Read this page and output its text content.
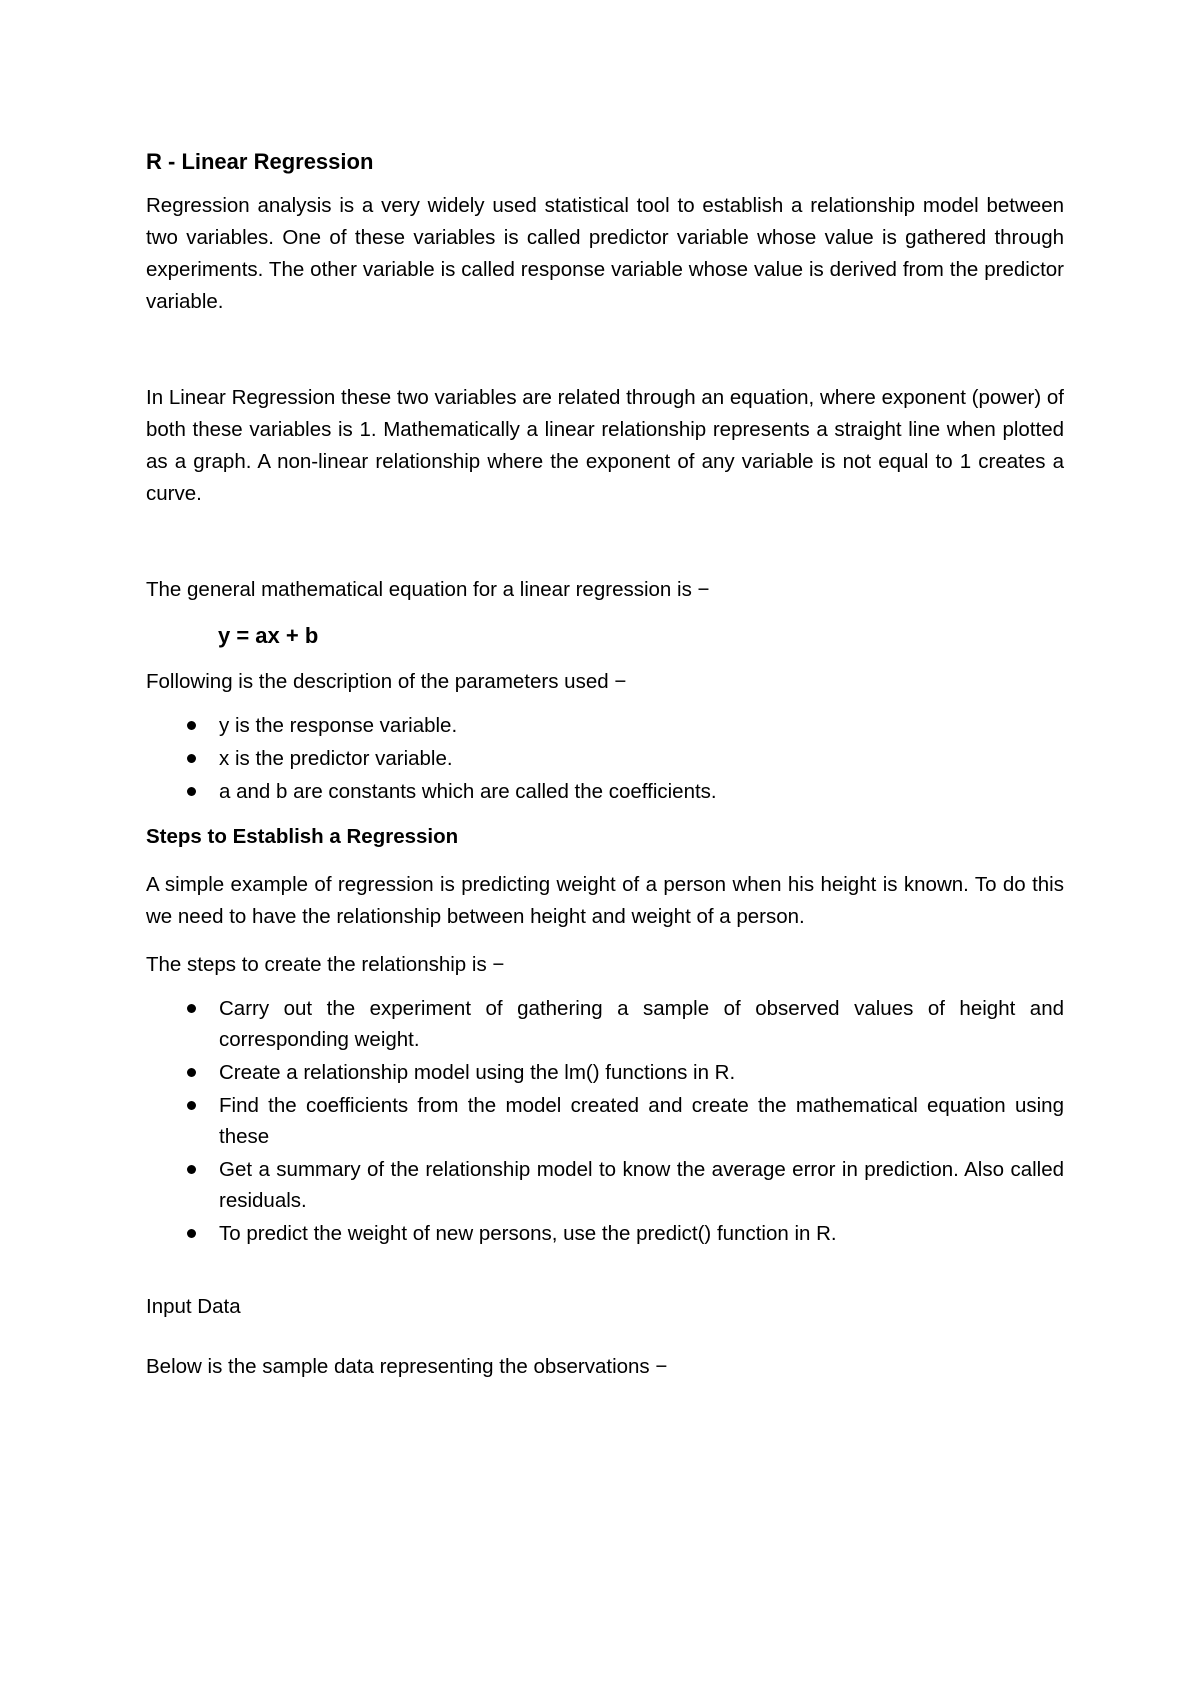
R - Linear Regression

Regression analysis is a very widely used statistical tool to establish a relationship model between two variables. One of these variables is called predictor variable whose value is gathered through experiments. The other variable is called response variable whose value is derived from the predictor variable.

In Linear Regression these two variables are related through an equation, where exponent (power) of both these variables is 1. Mathematically a linear relationship represents a straight line when plotted as a graph. A non-linear relationship where the exponent of any variable is not equal to 1 creates a curve.

The general mathematical equation for a linear regression is −

y = ax + b

Following is the description of the parameters used −

y is the response variable.
x is the predictor variable.
a and b are constants which are called the coefficients.

Steps to Establish a Regression

A simple example of regression is predicting weight of a person when his height is known. To do this we need to have the relationship between height and weight of a person.

The steps to create the relationship is −

Carry out the experiment of gathering a sample of observed values of height and corresponding weight.
Create a relationship model using the lm() functions in R.
Find the coefficients from the model created and create the mathematical equation using these
Get a summary of the relationship model to know the average error in prediction. Also called residuals.
To predict the weight of new persons, use the predict() function in R.

Input Data

Below is the sample data representing the observations −
